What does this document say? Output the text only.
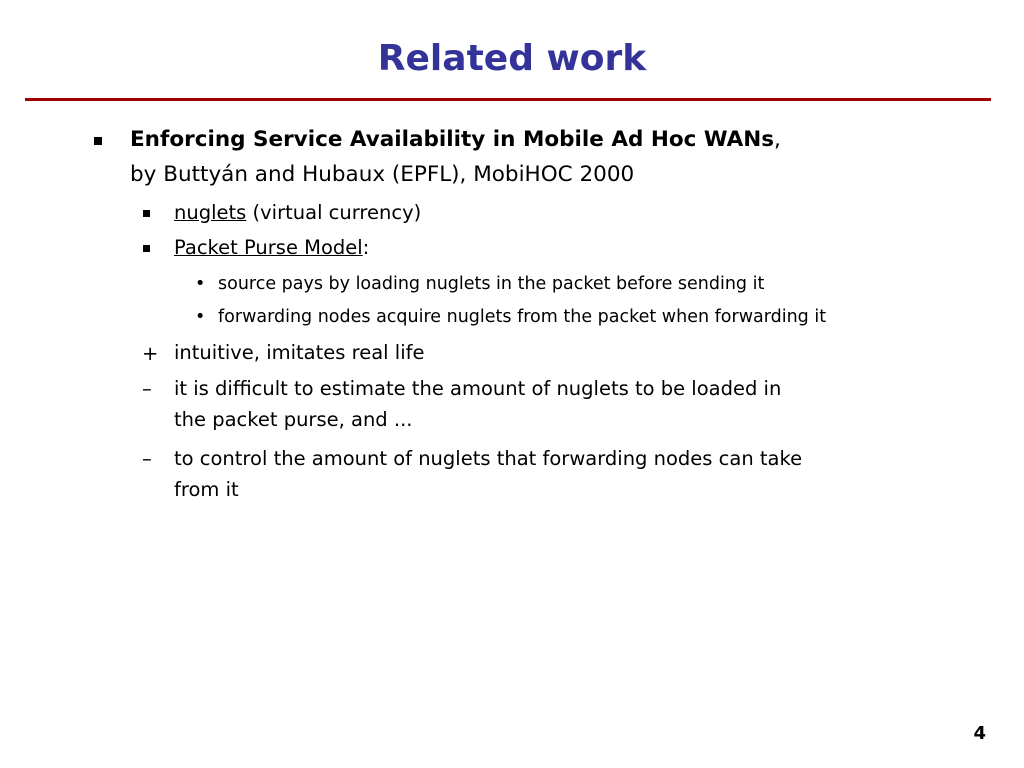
Related work
Enforcing Service Availability in Mobile Ad Hoc WANs,
by Buttyán and Hubaux (EPFL), MobiHOC 2000
nuglets (virtual currency)
Packet Purse Model:
• source pays by loading nuglets in the packet before sending it
• forwarding nodes acquire nuglets from the packet when forwarding it
+ intuitive, imitates real life
– it is difficult to estimate the amount of nuglets to be loaded in
the packet purse, and ...
– to control the amount of nuglets that forwarding nodes can take
from it
4
